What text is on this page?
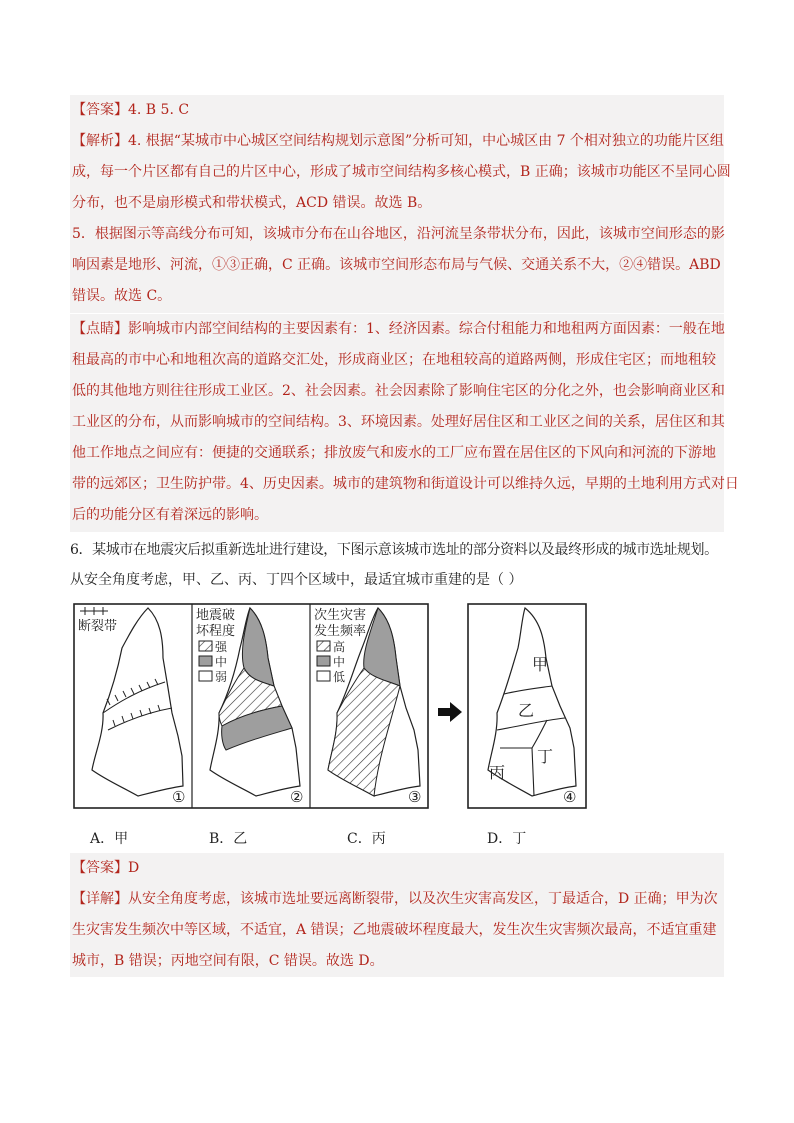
【答案】4. B 5. C
【解析】4. 根据“某城市中心城区空间结构规划示意图”分析可知，中心城区由 7 个相对独立的功能片区组
成，每一个片区都有自己的片区中心，形成了城市空间结构多核心模式，B 正确；该城市功能区不呈同心圆
分布，也不是扇形模式和带状模式，ACD 错误。故选 B。
5．根据图示等高线分布可知，该城市分布在山谷地区，沿河流呈条带状分布，因此，该城市空间形态的影
响因素是地形、河流，①③正确，C 正确。该城市空间形态布局与气候、交通关系不大，②④错误。ABD
错误。故选 C。
【点睛】影响城市内部空间结构的主要因素有：1、经济因素。综合付租能力和地租两方面因素：一般在地
租最高的市中心和地租次高的道路交汇处，形成商业区；在地租较高的道路两侧，形成住宅区；而地租较
低的其他地方则往往形成工业区。2、社会因素。社会因素除了影响住宅区的分化之外，也会影响商业区和
工业区的分布，从而影响城市的空间结构。3、环境因素。处理好居住区和工业区之间的关系，居住区和其
他工作地点之间应有：便捷的交通联系；排放废气和废水的工厂应布置在居住区的下风向和河流的下游地
带的远郊区；卫生防护带。4、历史因素。城市的建筑物和街道设计可以维持久远，早期的土地利用方式对日
后的功能分区有着深远的影响。
6．某城市在地震灾后拟重新选址进行建设，下图示意该城市选址的部分资料以及最终形成的城市选址规划。
从安全角度考虑，甲、乙、丙、丁四个区域中，最适宜城市重建的是（ ）
断裂带
①
地震破
坏程度
强
中
弱
②
次生灾害
发生频率
高
中
低
③
甲
乙
丙
丁
④
A．甲	B．乙	C．丙	D．丁
【答案】D
【详解】从安全角度考虑，该城市选址要远离断裂带，以及次生灾害高发区，丁最适合，D 正确；甲为次
生灾害发生频次中等区域，不适宜，A 错误；乙地震破坏程度最大，发生次生灾害频次最高，不适宜重建
城市，B 错误；丙地空间有限，C 错误。故选 D。
